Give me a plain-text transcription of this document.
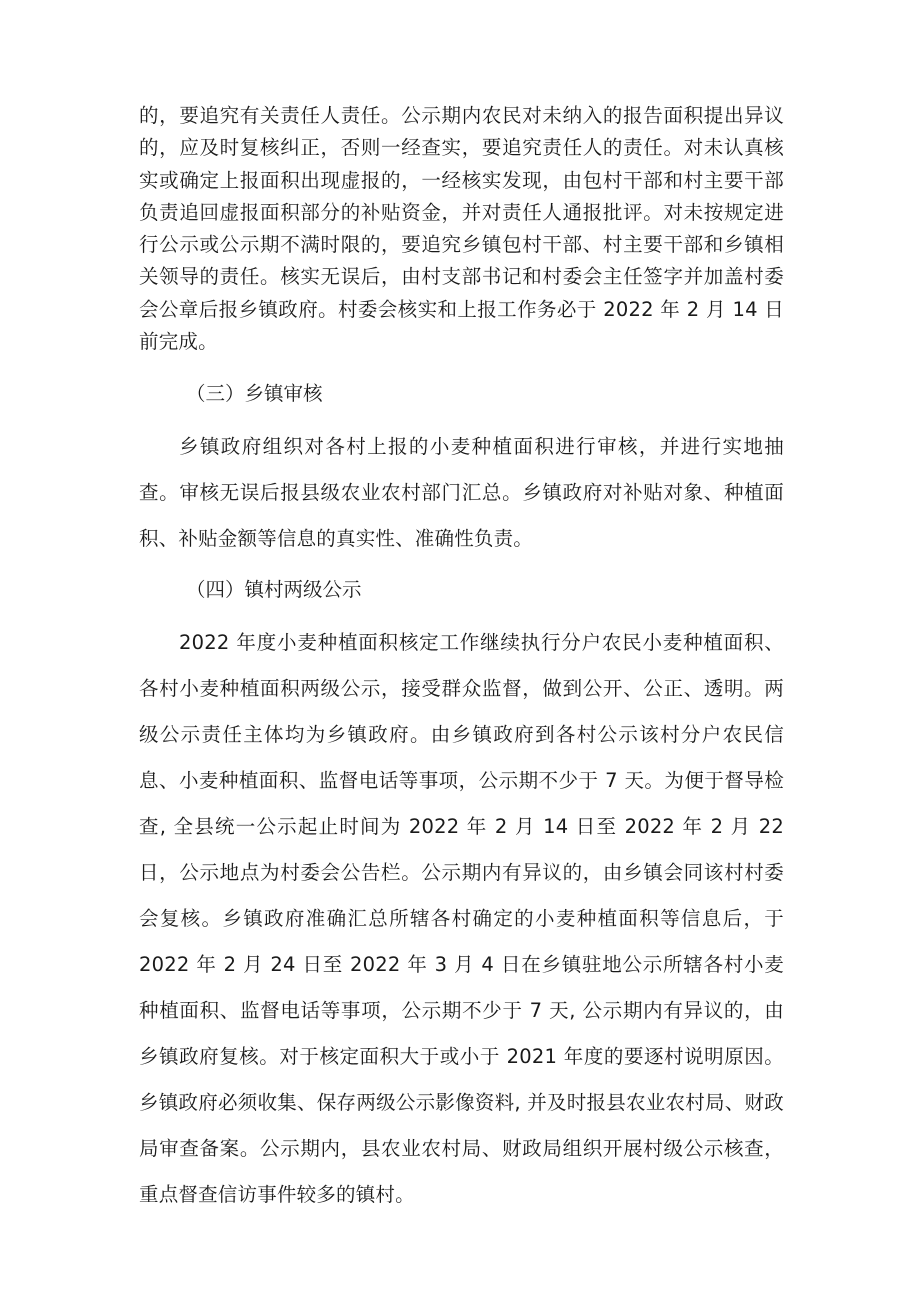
的，要追究有关责任人责任。公示期内农民对未纳入的报告面积提出异议的，应及时复核纠正，否则一经查实，要追究责任人的责任。对未认真核实或确定上报面积出现虚报的，一经核实发现，由包村干部和村主要干部负责追回虚报面积部分的补贴资金，并对责任人通报批评。对未按规定进行公示或公示期不满时限的，要追究乡镇包村干部、村主要干部和乡镇相关领导的责任。核实无误后，由村支部书记和村委会主任签字并加盖村委会公章后报乡镇政府。村委会核实和上报工作务必于 2022 年 2 月 14 日前完成。

（三）乡镇审核

乡镇政府组织对各村上报的小麦种植面积进行审核，并进行实地抽查。审核无误后报县级农业农村部门汇总。乡镇政府对补贴对象、种植面积、补贴金额等信息的真实性、准确性负责。

（四）镇村两级公示

2022 年度小麦种植面积核定工作继续执行分户农民小麦种植面积、各村小麦种植面积两级公示，接受群众监督，做到公开、公正、透明。两级公示责任主体均为乡镇政府。由乡镇政府到各村公示该村分户农民信息、小麦种植面积、监督电话等事项，公示期不少于 7 天。为便于督导检查, 全县统一公示起止时间为 2022 年 2 月 14 日至 2022 年 2 月 22 日，公示地点为村委会公告栏。公示期内有异议的，由乡镇会同该村村委会复核。乡镇政府准确汇总所辖各村确定的小麦种植面积等信息后，于 2022 年 2 月 24 日至 2022 年 3 月 4 日在乡镇驻地公示所辖各村小麦种植面积、监督电话等事项，公示期不少于 7 天, 公示期内有异议的，由乡镇政府复核。对于核定面积大于或小于 2021 年度的要逐村说明原因。乡镇政府必须收集、保存两级公示影像资料, 并及时报县农业农村局、财政局审查备案。公示期内，县农业农村局、财政局组织开展村级公示核查，重点督查信访事件较多的镇村。
